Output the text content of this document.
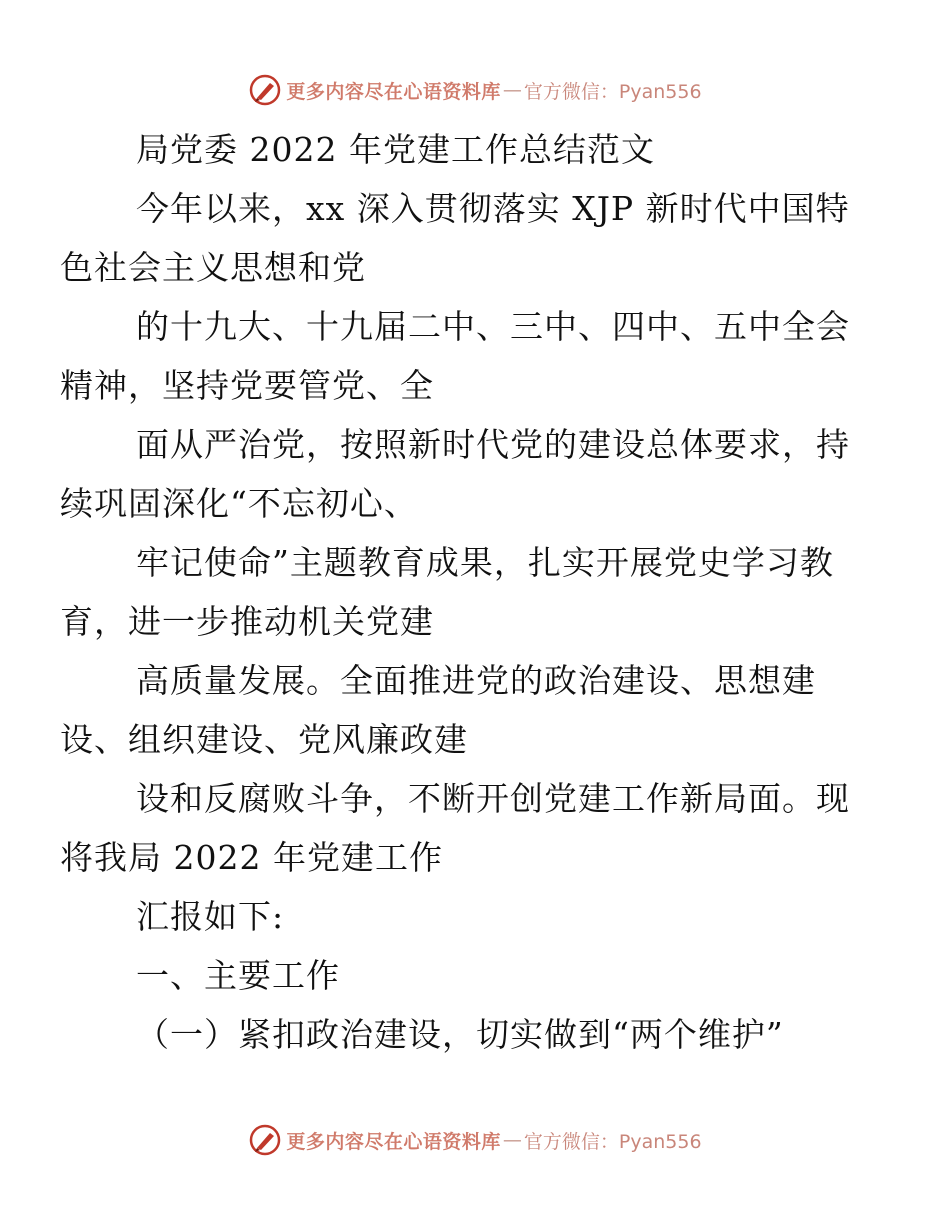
更多内容尽在心语资料库 — 官方微信：Pyan556

局党委 2022 年党建工作总结范文

今年以来，xx 深入贯彻落实 XJP 新时代中国特
色社会主义思想和党

的十九大、十九届二中、三中、四中、五中全会
精神，坚持党要管党、全

面从严治党，按照新时代党的建设总体要求，持
续巩固深化“不忘初心、

牢记使命”主题教育成果，扎实开展党史学习教
育，进一步推动机关党建

高质量发展。全面推进党的政治建设、思想建
设、组织建设、党风廉政建

设和反腐败斗争，不断开创党建工作新局面。现
将我局 2022 年党建工作

汇报如下:

一、主要工作

（一）紧扣政治建设，切实做到“两个维护”

更多内容尽在心语资料库 — 官方微信：Pyan556
